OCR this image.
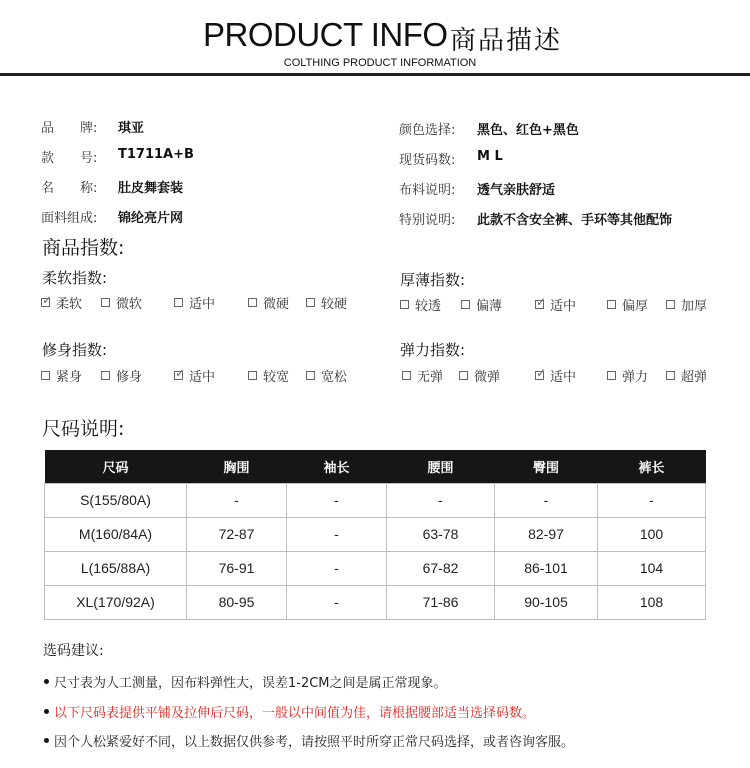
PRODUCT INFO 商品描述
COLTHING PRODUCT INFORMATION
品　　牌: 琪亚
款　　号: T1711A+B
名　　称: 肚皮舞套装
面料组成: 锦纶亮片网
颜色选择: 黑色、红色+黑色
现货码数: M L
布料说明: 透气亲肤舒适
特别说明: 此款不含安全裤、手环等其他配饰
商品指数:
柔软指数:
✓
柔软	微软	适中	微硬 较硬
厚薄指数:
较透	偏薄 ✓	适中	偏厚	加厚
修身指数:
紧身	修身 ✓	适中	较宽 宽松
弹力指数:
无弹 微弹 ✓	适中	弹力	超弹
尺码说明:
尺码	胸围	袖长	腰围	臀围	裤长
S(155/80A)	-	-	-	-	-
M(160/84A)	72-87	-	63-78	82-97	100
L(165/88A)	76-91	-	67-82	86-101	104
XL(170/92A)	80-95	-	71-86	90-105	108
选码建议:
尺寸表为人工测量，因布料弹性大，误差1-2CM之间是属正常现象。
以下尺码表提供平铺及拉伸后尺码，一般以中间值为佳，请根据腰部适当选择码数。
因个人松紧爱好不同，以上数据仅供参考，请按照平时所穿正常尺码选择，或者咨询客服。
